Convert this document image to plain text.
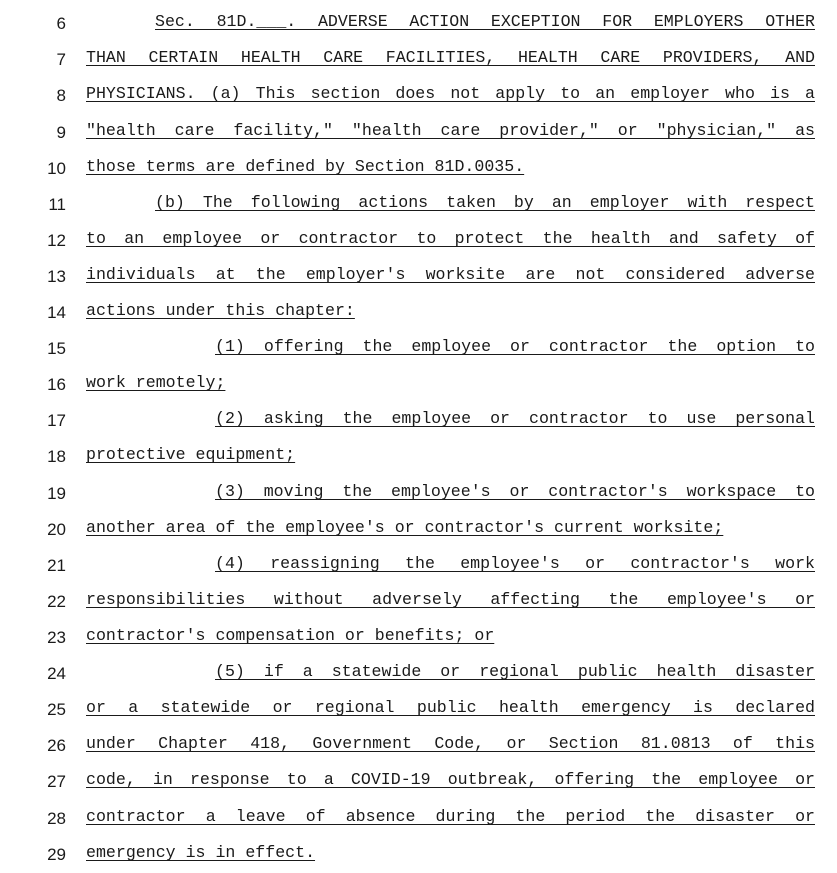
6	Sec. 81D.___. ADVERSE ACTION EXCEPTION FOR EMPLOYERS OTHER
7 THAN CERTAIN HEALTH CARE FACILITIES, HEALTH CARE PROVIDERS, AND
8 PHYSICIANS. (a) This section does not apply to an employer who is a
9 "health care facility," "health care provider," or "physician," as
10 those terms are defined by Section 81D.0035.
11	(b) The following actions taken by an employer with respect
12 to an employee or contractor to protect the health and safety of
13 individuals at the employer's worksite are not considered adverse
14 actions under this chapter:
15	(1) offering the employee or contractor the option to
16 work remotely;
17	(2) asking the employee or contractor to use personal
18 protective equipment;
19	(3) moving the employee's or contractor's workspace to
20 another area of the employee's or contractor's current worksite;
21	(4) reassigning the employee's or contractor's work
22 responsibilities without adversely affecting the employee's or
23 contractor's compensation or benefits; or
24	(5) if a statewide or regional public health disaster
25 or a statewide or regional public health emergency is declared
26 under Chapter 418, Government Code, or Section 81.0813 of this
27 code, in response to a COVID-19 outbreak, offering the employee or
28 contractor a leave of absence during the period the disaster or
29 emergency is in effect.
